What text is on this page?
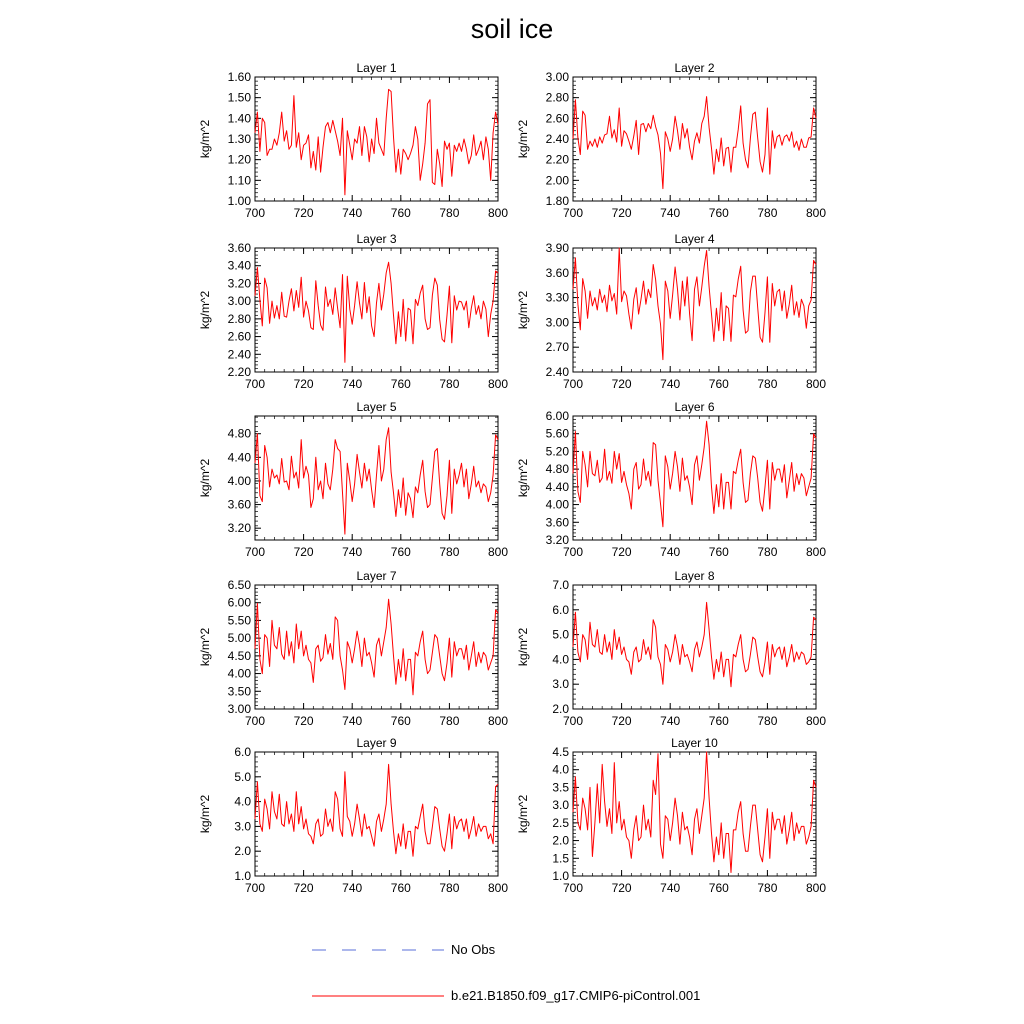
soil ice
700 720 740 760 780 800
1.00
1.10
1.20
1.30
1.40
1.50
1.60
Layer 1
kg/m^2
700 720 740 760 780 800
1.80
2.00
2.20
2.40
2.60
2.80
3.00
Layer 2
kg/m^2
700 720 740 760 780 800
2.20
2.40
2.60
2.80
3.00
3.20
3.40
3.60
Layer 3
kg/m^2
700 720 740 760 780 800
2.40
2.70
3.00
3.30
3.60
3.90
Layer 4
kg/m^2
700 720 740 760 780 800
3.20
3.60
4.00
4.40
4.80
Layer 5
kg/m^2
700 720 740 760 780 800
3.20
3.60
4.00
4.40
4.80
5.20
5.60
6.00
Layer 6
kg/m^2
700 720 740 760 780 800
3.00
3.50
4.00
4.50
5.00
5.50
6.00
6.50
Layer 7
kg/m^2
700 720 740 760 780 800
2.0
3.0
4.0
5.0
6.0
7.0
Layer 8
kg/m^2
700 720 740 760 780 800
1.0
2.0
3.0
4.0
5.0
6.0
Layer 9
kg/m^2
700 720 740 760 780 800
1.0
1.5
2.0
2.5
3.0
3.5
4.0
4.5
Layer 10
kg/m^2
No Obs
b.e21.B1850.f09_g17.CMIP6-piControl.001
